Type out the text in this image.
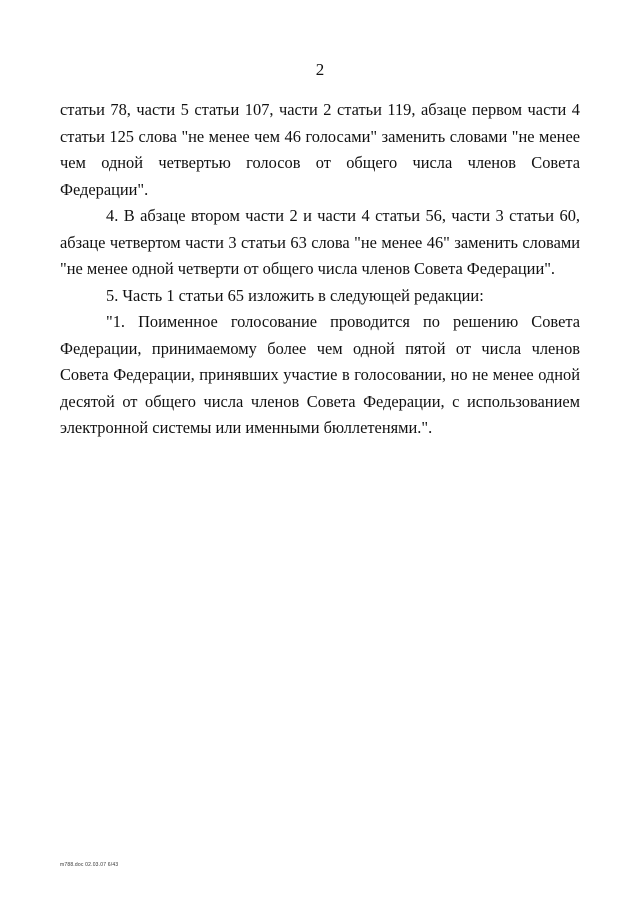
2

статьи 78, части 5 статьи 107, части 2 статьи 119, абзаце первом части 4 статьи 125 слова "не менее чем 46 голосами" заменить словами "не менее чем одной четвертью голосов от общего числа членов Совета Федерации".

4. В абзаце втором части 2 и части 4 статьи 56, части 3 статьи 60, абзаце четвертом части 3 статьи 63 слова "не менее 46" заменить словами "не менее одной четверти от общего числа членов Совета Федерации".

5. Часть 1 статьи 65 изложить в следующей редакции:

"1. Поименное голосование проводится по решению Совета Федерации, принимаемому более чем одной пятой от числа членов Совета Федерации, принявших участие в голосовании, но не менее одной десятой от общего числа членов Совета Федерации, с использованием электронной системы или именными бюллетенями.".

m788.doc 02.03.07 6/43
